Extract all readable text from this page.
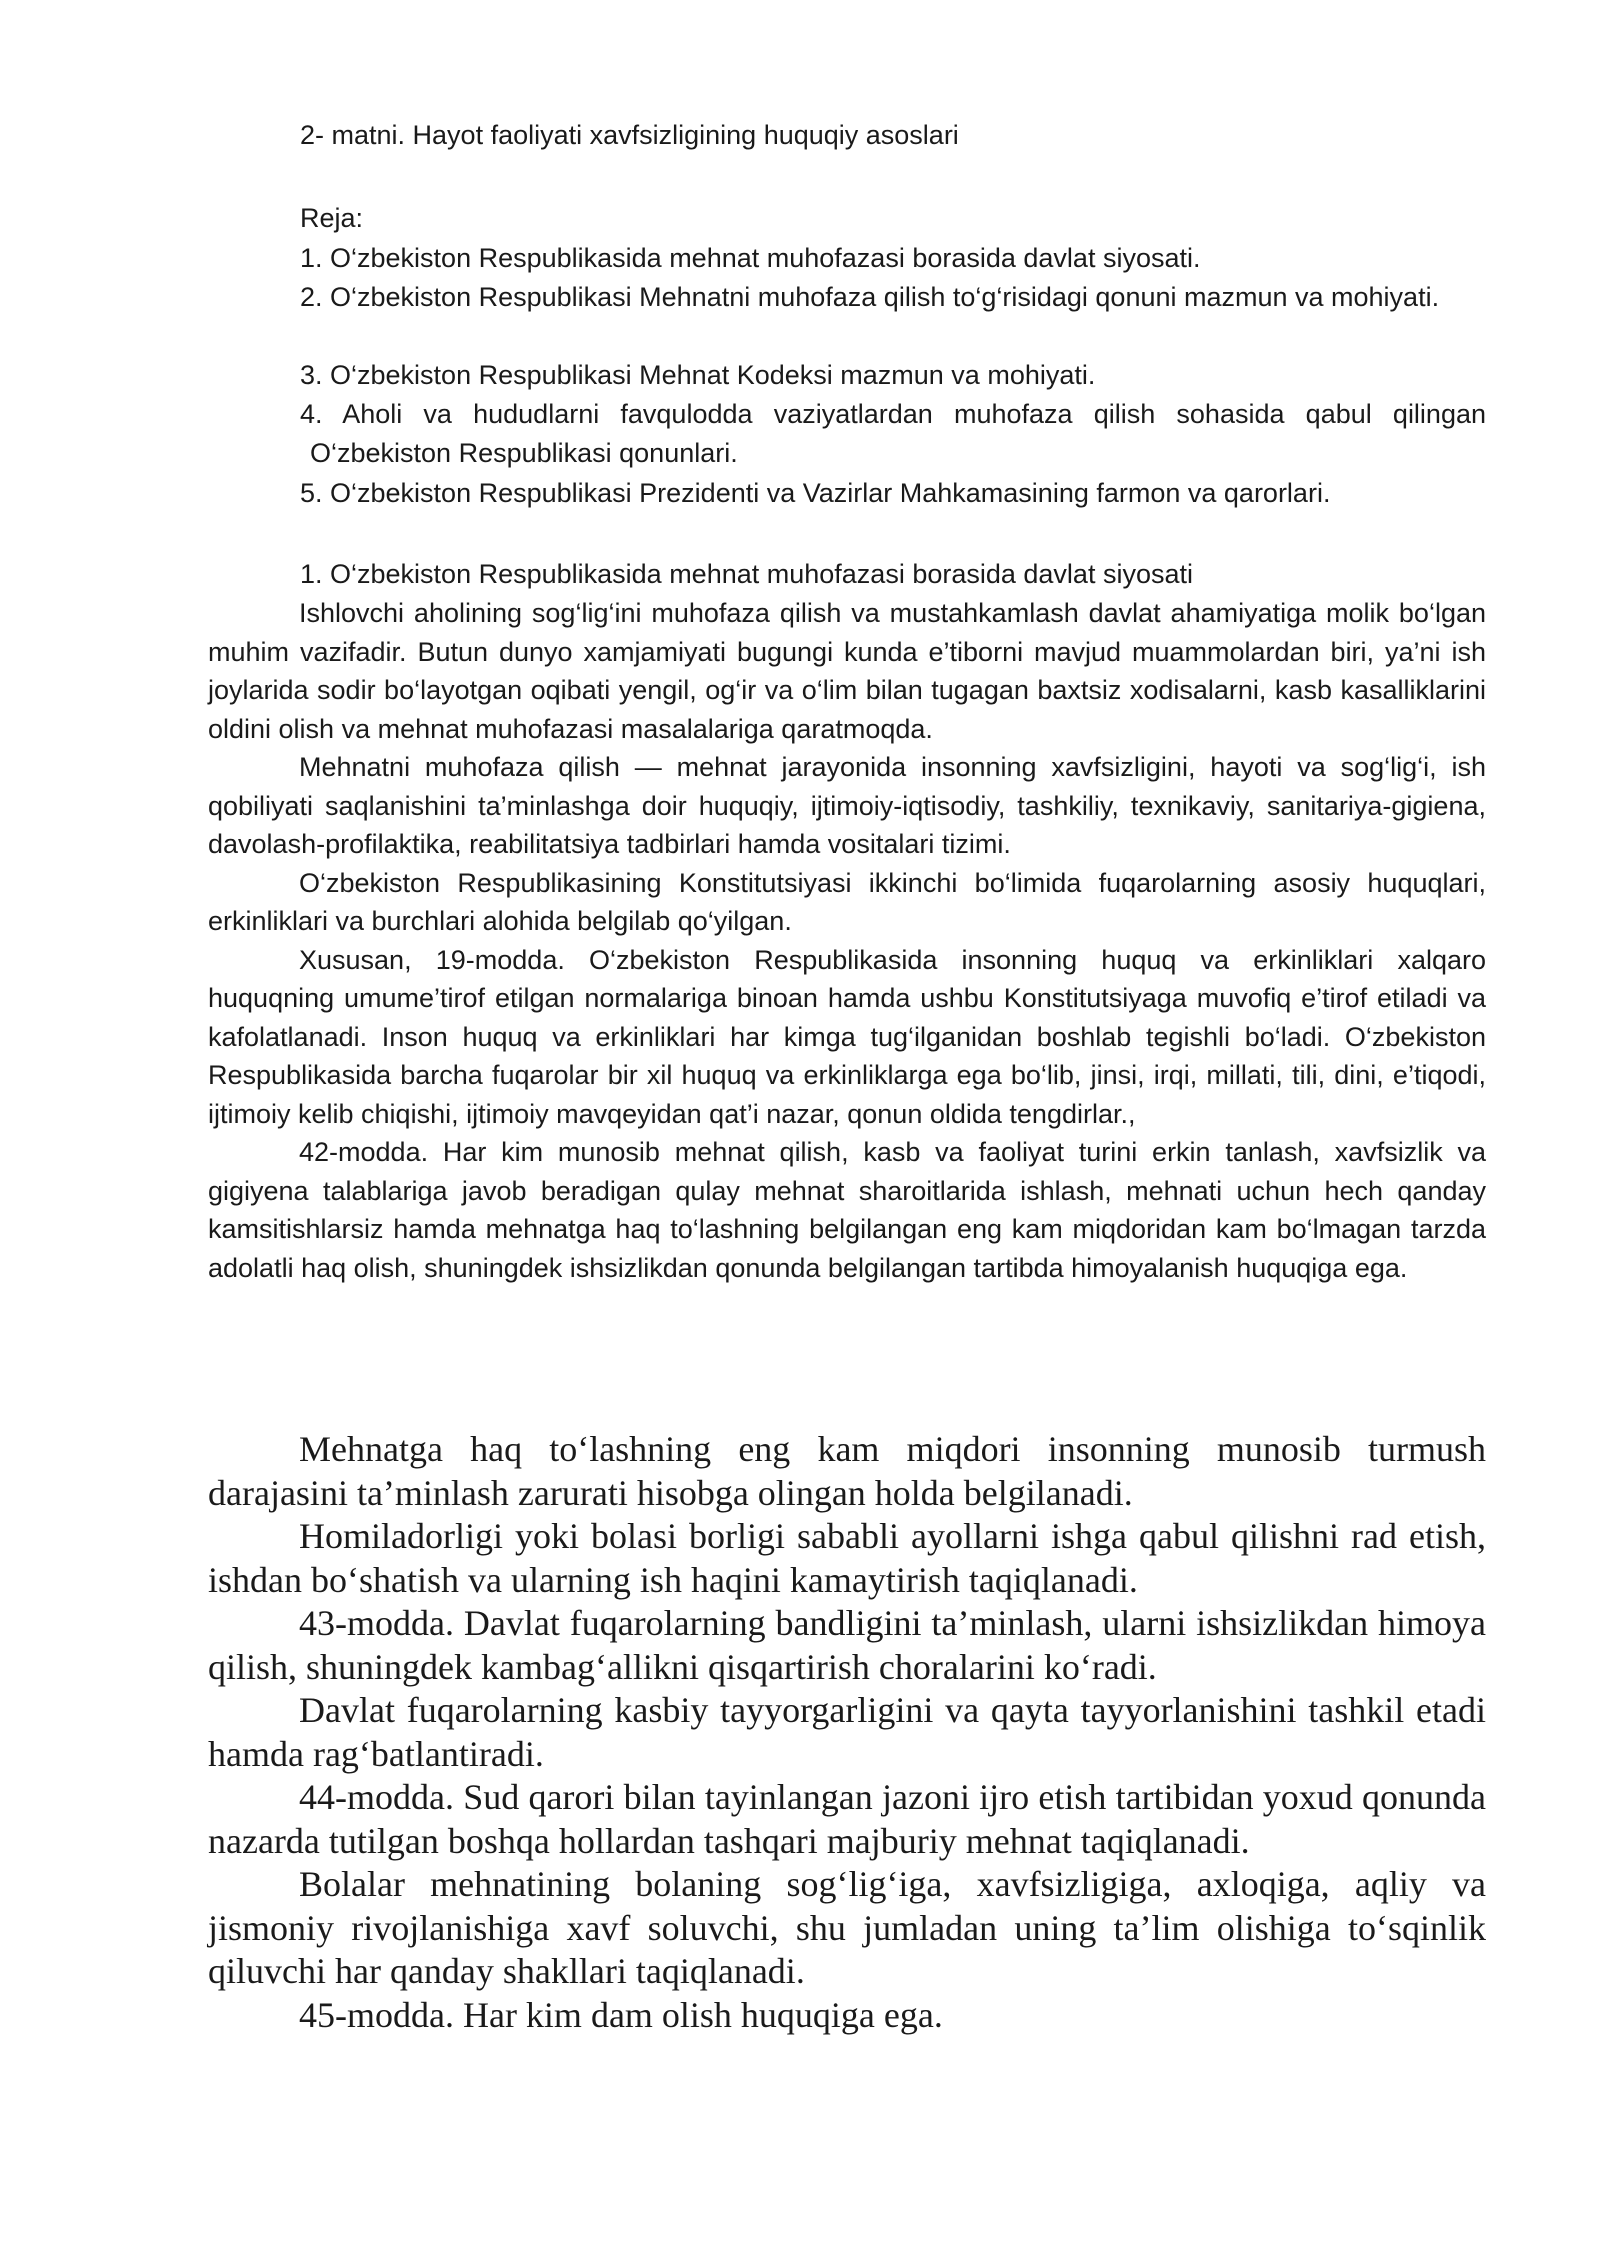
2- matni. Hayot faoliyati xavfsizligining huquqiy asoslari
Reja:
1. O‘zbekiston Respublikasida mehnat muhofazasi borasida davlat siyosati.
2. O‘zbekiston Respublikasi Mehnatni muhofaza qilish to‘g‘risidagi qonuni mazmun va mohiyati.
3. O‘zbekiston Respublikasi Mehnat Kodeksi mazmun va mohiyati.
4. Aholi va hududlarni favqulodda vaziyatlardan muhofaza qilish sohasida qabul qilingan O‘zbekiston Respublikasi qonunlari.
5. O‘zbekiston Respublikasi Prezidenti va Vazirlar Mahkamasining farmon va qarorlari.
1. O‘zbekiston Respublikasida mehnat muhofazasi borasida davlat siyosati

Ishlovchi aholining sog‘lig‘ini muhofaza qilish va mustahkamlash davlat ahamiyatiga molik bo‘lgan muhim vazifadir. Butun dunyo xamjamiyati bugungi kunda e’tiborni mavjud muammolardan biri, ya’ni ish joylarida sodir bo‘layotgan oqibati yengil, og‘ir va o‘lim bilan tugagan baxtsiz xodisalarni, kasb kasalliklarini oldini olish va mehnat muhofazasi masalalariga qaratmoqda.

Mehnatni muhofaza qilish — mehnat jarayonida insonning xavfsizligini, hayoti va sog‘lig‘i, ish qobiliyati saqlanishini ta’minlashga doir huquqiy, ijtimoiy-iqtisodiy, tashkiliy, texnikaviy, sanitariya-gigiena, davolash-profilaktika, reabilitatsiya tadbirlari hamda vositalari tizimi.

O‘zbekiston Respublikasining Konstitutsiyasi ikkinchi bo‘limida fuqarolarning asosiy huquqlari, erkinliklari va burchlari alohida belgilab qo‘yilgan.

Xususan, 19-modda. O‘zbekiston Respublikasida insonning huquq va erkinliklari xalqaro huquqning umume’tirof etilgan normalariga binoan hamda ushbu Konstitutsiyaga muvofiq e’tirof etiladi va kafolatlanadi. Inson huquq va erkinliklari har kimga tug‘ilganidan boshlab tegishli bo‘ladi. O‘zbekiston Respublikasida barcha fuqarolar bir xil huquq va erkinliklarga ega bo‘lib, jinsi, irqi, millati, tili, dini, e’tiqodi, ijtimoiy kelib chiqishi, ijtimoiy mavqeyidan qat’i nazar, qonun oldida tengdirlar.,

42-modda. Har kim munosib mehnat qilish, kasb va faoliyat turini erkin tanlash, xavfsizlik va gigiyena talablariga javob beradigan qulay mehnat sharoitlarida ishlash, mehnati uchun hech qanday kamsitishlarsiz hamda mehnatga haq to‘lashning belgilangan eng kam miqdoridan kam bo‘lmagan tarzda adolatli haq olish, shuningdek ishsizlikdan qonunda belgilangan tartibda himoyalanish huquqiga ega.

Mehnatga haq to‘lashning eng kam miqdori insonning munosib turmush darajasini ta’minlash zarurati hisobga olingan holda belgilanadi.

Homiladorligi yoki bolasi borligi sababli ayollarni ishga qabul qilishni rad etish, ishdan bo‘shatish va ularning ish haqini kamaytirish taqiqlanadi.

43-modda. Davlat fuqarolarning bandligini ta’minlash, ularni ishsizlikdan himoya qilish, shuningdek kambag‘allikni qisqartirish choralarini ko‘radi.

Davlat fuqarolarning kasbiy tayyorgarligini va qayta tayyorlanishini tashkil etadi hamda rag‘batlantiradi.

44-modda. Sud qarori bilan tayinlangan jazoni ijro etish tartibidan yoxud qonunda nazarda tutilgan boshqa hollardan tashqari majburiy mehnat taqiqlanadi.

Bolalar mehnatining bolaning sog‘lig‘iga, xavfsizligiga, axloqiga, aqliy va jismoniy rivojlanishiga xavf soluvchi, shu jumladan uning ta’lim olishiga to‘sqinlik qiluvchi har qanday shakllari taqiqlanadi.

45-modda. Har kim dam olish huquqiga ega.
